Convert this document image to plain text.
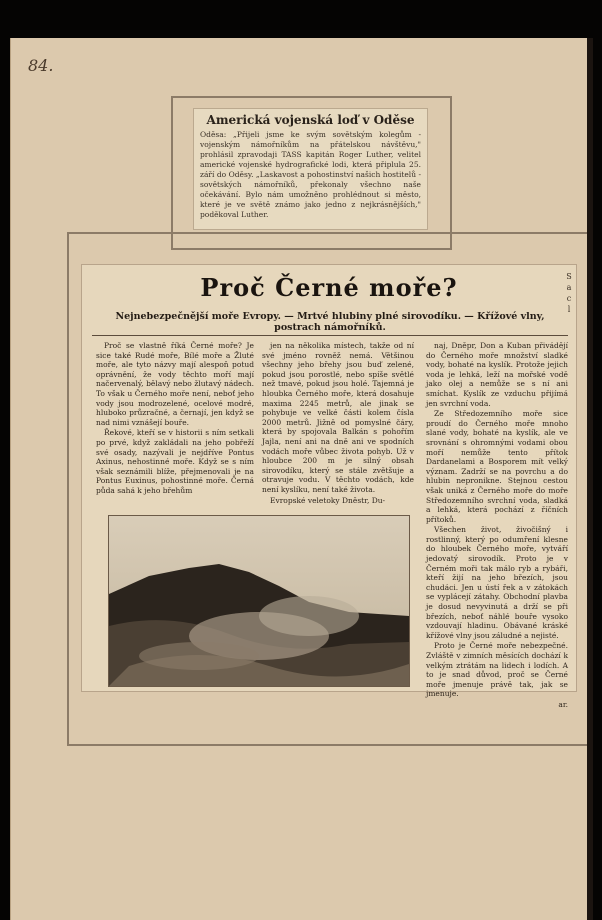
84.
Americká vojenská loď v Oděse
Oděsa: „Přijeli jsme ke svým sovětským kolegům - vojenským námořníkům na přátelskou návštěvu," prohlásil zpravodaji TASS kapitán Roger Luther, velitel americké vojenské hydrografické lodi, která připlula 25. září do Oděsy. „Laskavost a pohostinství našich hostitelů - sovětských námořníků, překonaly všechno naše očekávání. Bylo nám umožněno prohlédnout si město, které je ve světě známo jako jedno z nejkrásnějších," poděkoval Luther.
Proč Černé moře?
Nejnebezpečnější moře Evropy. — Mrtvé hlubiny plné sirovodíku. — Křížové vlny, postrach námořníků.

Proč se vlastně říká Černé moře? Je sice také Rudé moře, Bílé moře a Žluté moře, ale tyto názvy mají alespoň potud oprávnění, že vody těchto moří mají načervenalý, bělavý nebo žlutavý nádech. To však u Černého moře není, neboť jeho vody jsou modrozelené, ocelové modré, hluboko průzračné, a černají, jen když se nad nimi vznášejí bouře.

Řekové, kteří se v historii s ním setkali po prvé, když zakládali na jeho pobřeží své osady, nazývali je nejdříve Pontus Axinus, nehostinné moře. Když se s ním však seznámili blíže, přejmenovali je na Pontus Euxinus, pohostinné moře. Černá půda sahá k jeho břehům

jen na několika místech, takže od ní své jméno rovněž nemá. Většinou všechny jeho břehy jsou buď zelené, pokud jsou porostlé, nebo spíše světlé než tmavé, pokud jsou holé. Tajemná je hloubka Černého moře, která dosahuje maxima 2245 metrů, ale jinak se pohybuje ve velké části kolem čísla 2000 metrů. Jižně od pomyslné čáry, která by spojovala Balkán s pohořím Jajla, není ani na dně ani ve spodních vodách moře vůbec života pohyb. Už v hloubce 200 m je silný obsah sirovodíku, který se stále zvětšuje a otravuje vodu. V těchto vodách, kde není kyslíku, není také života.

Evropské veletoky Dněstr, Du-

naj, Dněpr, Don a Kuban přivádějí do Černého moře množství sladké vody, bohaté na kyslík. Protože jejich voda je lehká, leží na mořské vodě jako olej a nemůže se s ní ani smíchat. Kyslík ze vzduchu přijímá jen svrchní voda.

Ze Středozemního moře sice proudí do Černého moře mnoho slané vody, bohaté na kyslík, ale ve srovnání s ohromnými vodami obou moří nemůže tento přítok Dardanelami a Bosporem mít velký význam. Zadrží se na povrchu a do hlubin nepronikne. Stejnou cestou však uniká z Černého moře do moře Středozemního svrchní voda, sladká a lehká, která pochází z říčních přítoků.

Všechen život, živočišný i rostlinný, který po odumření klesne do hloubek Černého moře, vytváří jedovatý sirovodík. Proto je v Černém moři tak málo ryb a rybáři, kteří žijí na jeho březích, jsou chudáci. Jen u ústí řek a v zátokách se vyplácejí zátahy. Obchodní plavba je dosud nevyvinutá a drží se při březích, neboť náhlé bouře vysoko vzdouvají hladinu. Obávané kráské křížové vlny jsou záludné a nejisté.

Proto je Černé moře nebezpečné. Zvláště v zimních měsících dochází k velkým ztrátám na lidech i lodích. A to je snad důvod, proč se Černé moře jmenuje právě tak, jak se jmenuje.

ar.

S
a
c
l
